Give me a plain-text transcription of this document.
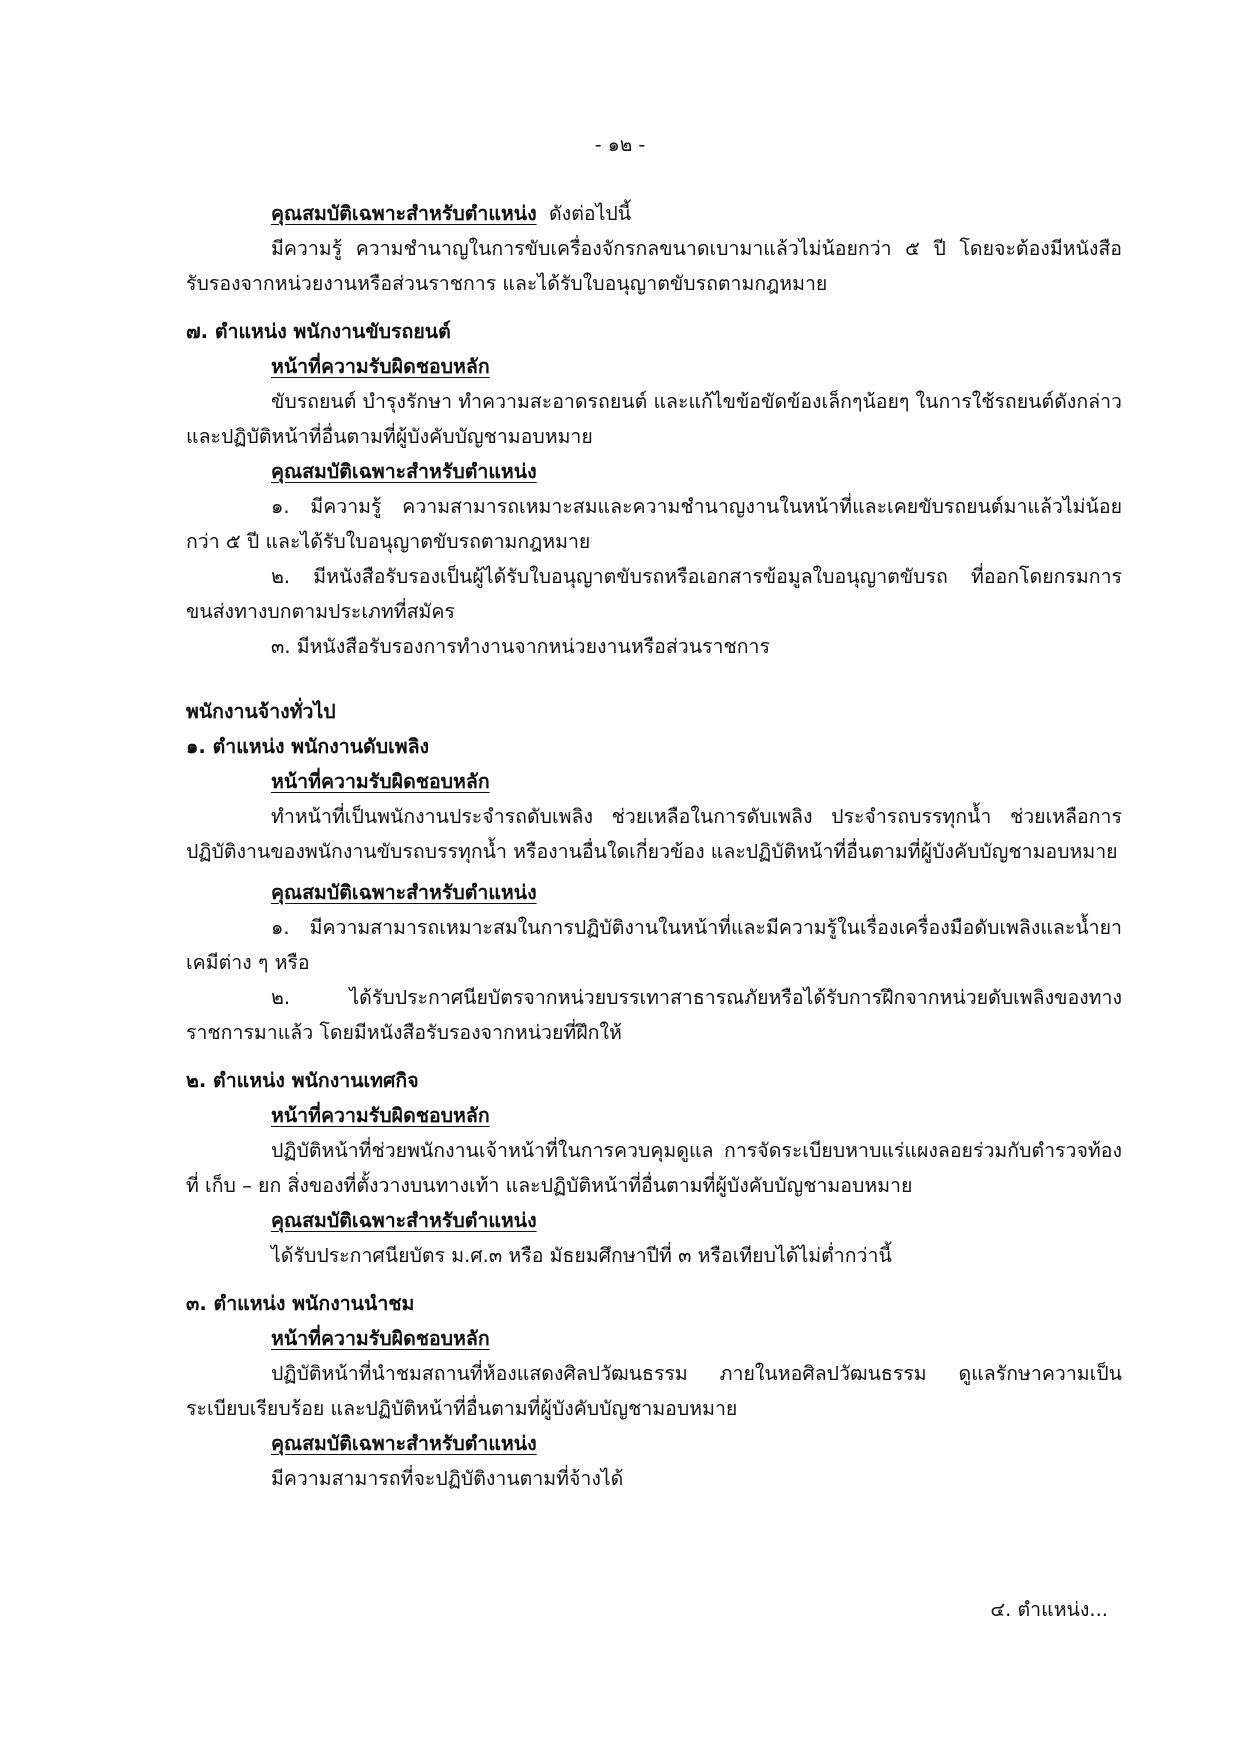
- ๑๒ -

คุณสมบัติเฉพาะสำหรับตำแหน่ง ดังต่อไปนี้

มีความรู้ ความชำนาญในการขับเครื่องจักรกลขนาดเบามาแล้วไม่น้อยกว่า ๕ ปี โดยจะต้องมีหนังสือรับรองจากหน่วยงานหรือส่วนราชการ และได้รับใบอนุญาตขับรถตามกฎหมาย

๗. ตำแหน่ง พนักงานขับรถยนต์

หน้าที่ความรับผิดชอบหลัก

ขับรถยนต์ บำรุงรักษา ทำความสะอาดรถยนต์ และแก้ไขข้อขัดข้องเล็กๆน้อยๆ ในการใช้รถยนต์ดังกล่าว และปฏิบัติหน้าที่อื่นตามที่ผู้บังคับบัญชามอบหมาย

คุณสมบัติเฉพาะสำหรับตำแหน่ง

๑. มีความรู้ ความสามารถเหมาะสมและความชำนาญงานในหน้าที่และเคยขับรถยนต์มาแล้วไม่น้อยกว่า ๕ ปี และได้รับใบอนุญาตขับรถตามกฎหมาย

๒. มีหนังสือรับรองเป็นผู้ได้รับใบอนุญาตขับรถหรือเอกสารข้อมูลใบอนุญาตขับรถ ที่ออกโดยกรมการขนส่งทางบกตามประเภทที่สมัคร

๓. มีหนังสือรับรองการทำงานจากหน่วยงานหรือส่วนราชการ

พนักงานจ้างทั่วไป

๑. ตำแหน่ง พนักงานดับเพลิง

หน้าที่ความรับผิดชอบหลัก

ทำหน้าที่เป็นพนักงานประจำรถดับเพลิง ช่วยเหลือในการดับเพลิง ประจำรถบรรทุกน้ำ ช่วยเหลือการปฏิบัติงานของพนักงานขับรถบรรทุกน้ำ หรืองานอื่นใดเกี่ยวข้อง และปฏิบัติหน้าที่อื่นตามที่ผู้บังคับบัญชามอบหมาย

คุณสมบัติเฉพาะสำหรับตำแหน่ง

๑. มีความสามารถเหมาะสมในการปฏิบัติงานในหน้าที่และมีความรู้ในเรื่องเครื่องมือดับเพลิงและน้ำยาเคมีต่าง ๆ หรือ

๒. ได้รับประกาศนียบัตรจากหน่วยบรรเทาสาธารณภัยหรือได้รับการฝึกจากหน่วยดับเพลิงของทางราชการมาแล้ว โดยมีหนังสือรับรองจากหน่วยที่ฝึกให้

๒. ตำแหน่ง พนักงานเทศกิจ

หน้าที่ความรับผิดชอบหลัก

ปฏิบัติหน้าที่ช่วยพนักงานเจ้าหน้าที่ในการควบคุมดูแล การจัดระเบียบหาบแร่แผงลอยร่วมกับตำรวจท้องที่ เก็บ – ยก สิ่งของที่ตั้งวางบนทางเท้า และปฏิบัติหน้าที่อื่นตามที่ผู้บังคับบัญชามอบหมาย

คุณสมบัติเฉพาะสำหรับตำแหน่ง

ได้รับประกาศนียบัตร ม.ศ.๓ หรือ มัธยมศึกษาปีที่ ๓ หรือเทียบได้ไม่ต่ำกว่านี้

๓. ตำแหน่ง พนักงานนำชม

หน้าที่ความรับผิดชอบหลัก

ปฏิบัติหน้าที่นำชมสถานที่ห้องแสดงศิลปวัฒนธรรม ภายในหอศิลปวัฒนธรรม ดูแลรักษาความเป็นระเบียบเรียบร้อย และปฏิบัติหน้าที่อื่นตามที่ผู้บังคับบัญชามอบหมาย

คุณสมบัติเฉพาะสำหรับตำแหน่ง

มีความสามารถที่จะปฏิบัติงานตามที่จ้างได้

๔. ตำแหน่ง...
